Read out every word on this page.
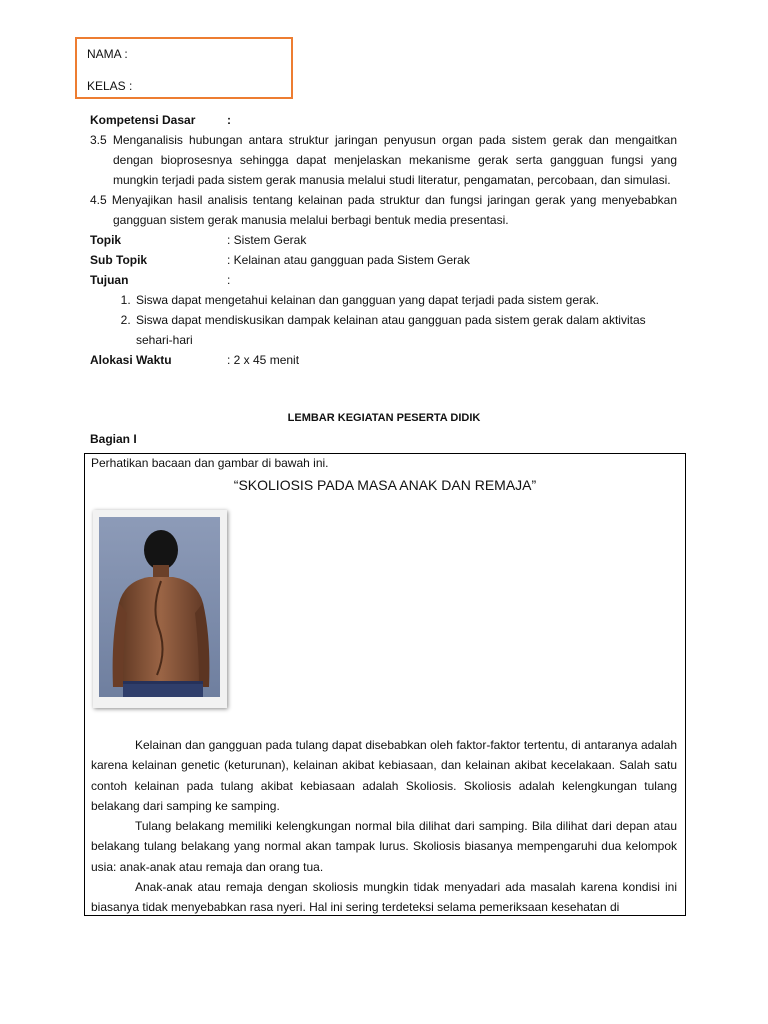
NAMA :
KELAS :
Kompetensi Dasar	:
3.5 Menganalisis hubungan antara struktur jaringan penyusun organ pada sistem gerak dan mengaitkan dengan bioprosesnya sehingga dapat menjelaskan mekanisme gerak serta gangguan fungsi yang mungkin terjadi pada sistem gerak manusia melalui studi literatur, pengamatan, percobaan, dan simulasi.
4.5 Menyajikan hasil analisis tentang kelainan pada struktur dan fungsi jaringan gerak yang menyebabkan gangguan sistem gerak manusia melalui berbagi bentuk media presentasi.
Topik	: Sistem Gerak
Sub Topik	: Kelainan atau gangguan pada Sistem Gerak
Tujuan	:
1. Siswa dapat mengetahui kelainan dan gangguan yang dapat terjadi pada sistem gerak.
2. Siswa dapat mendiskusikan dampak kelainan atau gangguan pada sistem gerak dalam aktivitas sehari-hari
Alokasi Waktu	: 2 x 45 menit
LEMBAR KEGIATAN PESERTA DIDIK
Bagian I
Perhatikan bacaan dan gambar di bawah ini.
“SKOLIOSIS PADA MASA ANAK DAN REMAJA”

Kelainan dan gangguan pada tulang dapat disebabkan oleh faktor-faktor tertentu, di antaranya adalah karena kelainan genetic (keturunan), kelainan akibat kebiasaan, dan kelainan akibat kecelakaan. Salah satu contoh kelainan pada tulang akibat kebiasaan adalah Skoliosis. Skoliosis adalah kelengkungan tulang belakang dari samping ke samping.

Tulang belakang memiliki kelengkungan normal bila dilihat dari samping. Bila dilihat dari depan atau belakang tulang belakang yang normal akan tampak lurus. Skoliosis biasanya mempengaruhi dua kelompok usia: anak-anak atau remaja dan orang tua.

Anak-anak atau remaja dengan skoliosis mungkin tidak menyadari ada masalah karena kondisi ini biasanya tidak menyebabkan rasa nyeri. Hal ini sering terdeteksi selama pemeriksaan kesehatan di
